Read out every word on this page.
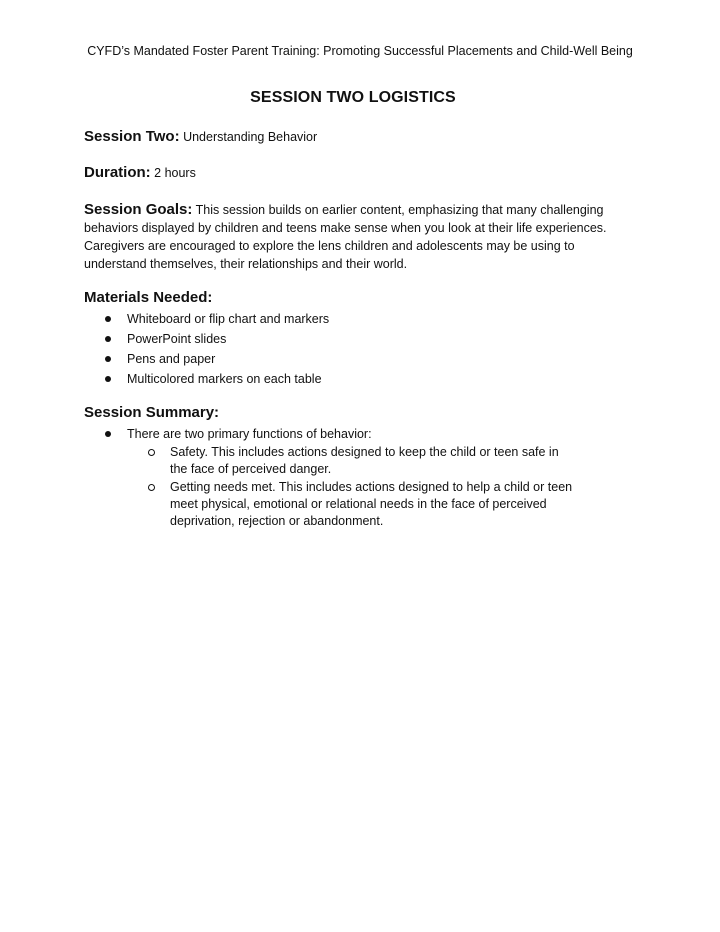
CYFD’s Mandated Foster Parent Training: Promoting Successful Placements and Child-Well Being
SESSION TWO LOGISTICS
Session Two: Understanding Behavior
Duration: 2 hours
Session Goals: This session builds on earlier content, emphasizing that many challenging behaviors displayed by children and teens make sense when you look at their life experiences. Caregivers are encouraged to explore the lens children and adolescents may be using to understand themselves, their relationships and their world.
Materials Needed:
Whiteboard or flip chart and markers
PowerPoint slides
Pens and paper
Multicolored markers on each table
Session Summary:
There are two primary functions of behavior:
Safety. This includes actions designed to keep the child or teen safe in the face of perceived danger.
Getting needs met. This includes actions designed to help a child or teen meet physical, emotional or relational needs in the face of perceived deprivation, rejection or abandonment.
